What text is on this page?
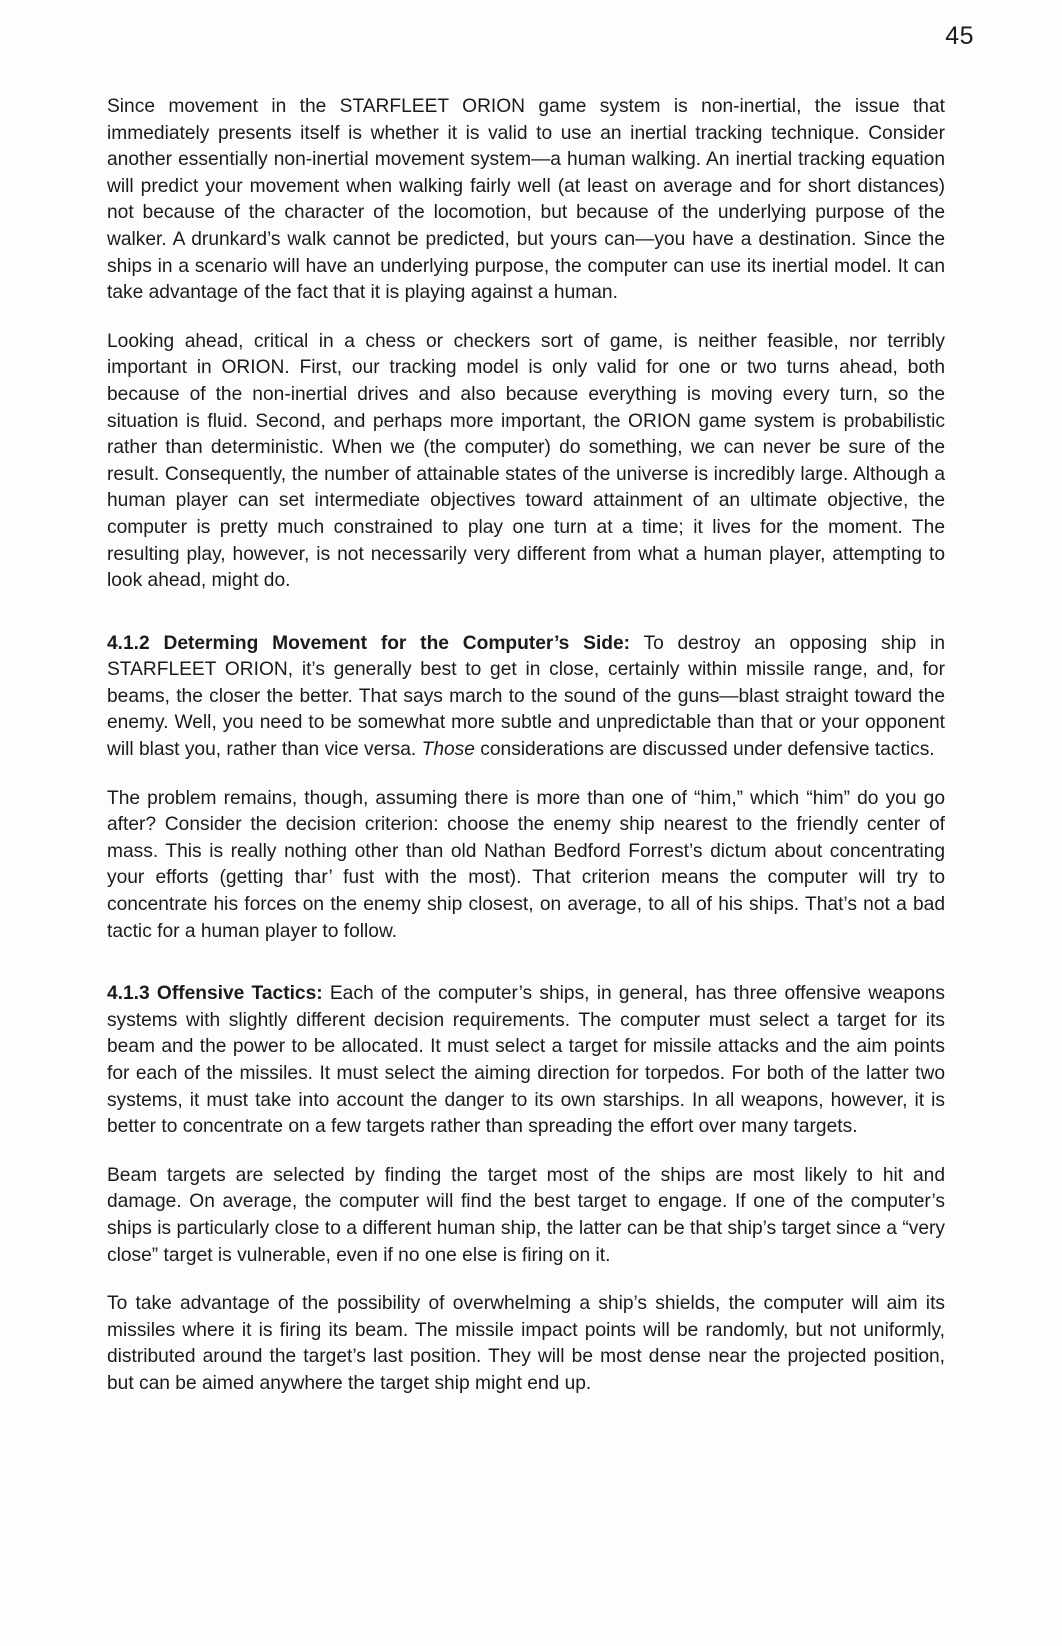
45

Since movement in the STARFLEET ORION game system is non-inertial, the issue that immediately presents itself is whether it is valid to use an inertial tracking technique. Consider another essentially non-inertial movement system—a human walking. An inertial tracking equation will predict your movement when walking fairly well (at least on average and for short distances) not because of the character of the locomotion, but because of the underlying purpose of the walker. A drunkard’s walk cannot be predicted, but yours can—you have a destination. Since the ships in a scenario will have an underlying purpose, the computer can use its inertial model. It can take advantage of the fact that it is playing against a human.

Looking ahead, critical in a chess or checkers sort of game, is neither feasible, nor terribly important in ORION. First, our tracking model is only valid for one or two turns ahead, both because of the non-inertial drives and also because everything is moving every turn, so the situation is fluid. Second, and perhaps more important, the ORION game system is probabilistic rather than deterministic. When we (the computer) do something, we can never be sure of the result. Consequently, the number of attainable states of the universe is incredibly large. Although a human player can set intermediate objectives toward attainment of an ultimate objective, the computer is pretty much constrained to play one turn at a time; it lives for the moment. The resulting play, however, is not necessarily very different from what a human player, attempting to look ahead, might do.

4.1.2 Determing Movement for the Computer’s Side: To destroy an opposing ship in STARFLEET ORION, it’s generally best to get in close, certainly within missile range, and, for beams, the closer the better. That says march to the sound of the guns—blast straight toward the enemy. Well, you need to be somewhat more subtle and unpredictable than that or your opponent will blast you, rather than vice versa. Those considerations are discussed under defensive tactics.

The problem remains, though, assuming there is more than one of “him,” which “him” do you go after? Consider the decision criterion: choose the enemy ship nearest to the friendly center of mass. This is really nothing other than old Nathan Bedford Forrest’s dictum about concentrating your efforts (getting thar’ fust with the most). That criterion means the computer will try to concentrate his forces on the enemy ship closest, on average, to all of his ships. That’s not a bad tactic for a human player to follow.

4.1.3 Offensive Tactics: Each of the computer’s ships, in general, has three offensive weapons systems with slightly different decision requirements. The computer must select a target for its beam and the power to be allocated. It must select a target for missile attacks and the aim points for each of the missiles. It must select the aiming direction for torpedos. For both of the latter two systems, it must take into account the danger to its own starships. In all weapons, however, it is better to concentrate on a few targets rather than spreading the effort over many targets.

Beam targets are selected by finding the target most of the ships are most likely to hit and damage. On average, the computer will find the best target to engage. If one of the computer’s ships is particularly close to a different human ship, the latter can be that ship’s target since a “very close” target is vulnerable, even if no one else is firing on it.

To take advantage of the possibility of overwhelming a ship’s shields, the computer will aim its missiles where it is firing its beam. The missile impact points will be randomly, but not uniformly, distributed around the target’s last position. They will be most dense near the projected position, but can be aimed anywhere the target ship might end up.
